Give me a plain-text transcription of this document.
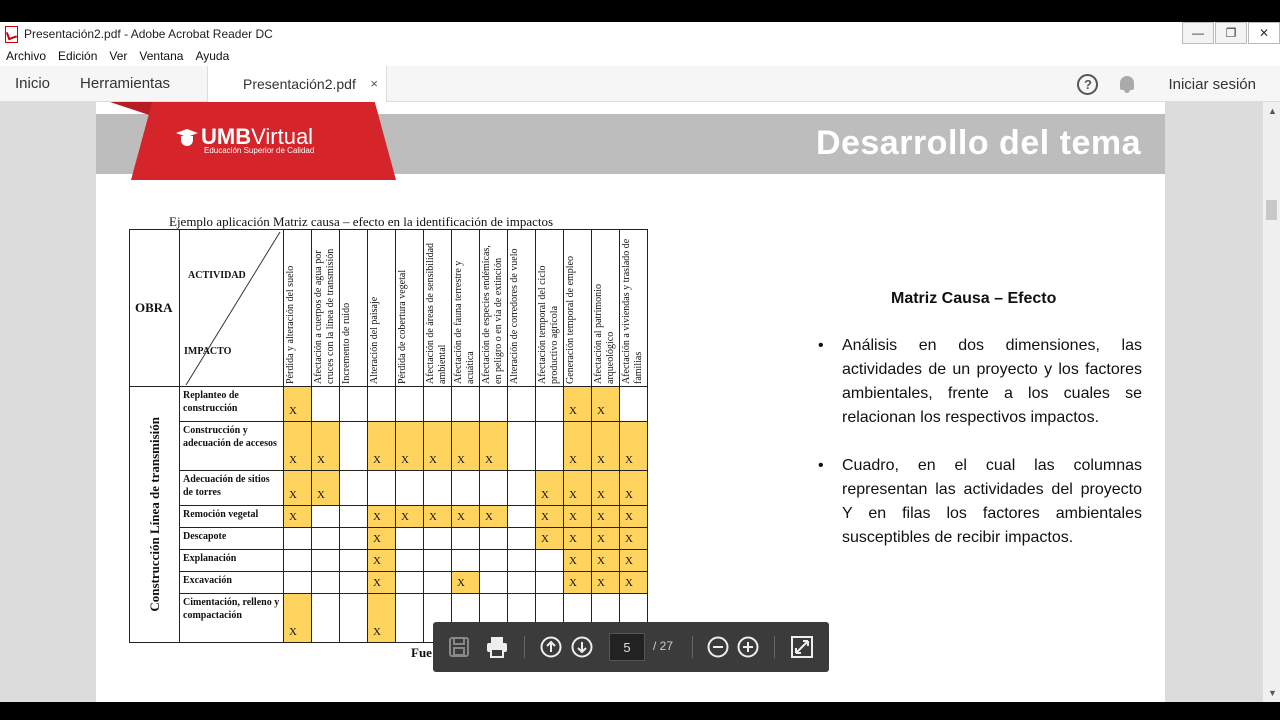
Presentación2.pdf - Adobe Acrobat Reader DC	—	❐	✕
Archivo Edición Ver Ventana Ayuda
Inicio Herramientas	Presentación2.pdf ×	?	Iniciar sesión
Desarrollo del tema
UMBVirtual
Educación Superior de Calidad
Ejemplo aplicación Matriz causa – efecto en la identificación de impactos
OBRA	ACTIVIDAD
IMPACTO	Pérdida y alteración del suelo	Afectación a cuerpos de agua por cruces con la línea de transmisión	Incremento de ruido	Alteración del paisaje	Pérdida de cobertura vegetal	Afectación de áreas de sensibilidad ambiental	Afectación de fauna terrestre y acuática	Afectación de especies endémicas, en peligro o en vía de extinción	Alteración de corredores de vuelo	Afectación temporal del ciclo productivo agrícola	Generación temporal de empleo	Afectación al patrimonio arqueológico	Afectación a viviendas y traslado de familias

Construcción Línea de transmisión	Replanteo de construcción	X										X	X	
	Construcción y adecuación de accesos	X	X		X	X	X	X	X			X	X	X
	Adecuación de sitios de torres	X	X								X	X	X	X
	Remoción vegetal	X			X	X	X	X	X		X	X	X	X
	Descapote				X						X	X	X	X
	Explanación				X							X	X	X
	Excavación				X			X				X	X	X
	Cimentación, relleno y compactación	X			X									
Fue
Matriz Causa – Efecto
• Análisis en dos dimensiones, las actividades de un proyecto y los factores ambientales, frente a los cuales se relacionan los respectivos impactos.
• Cuadro, en el cual las columnas representan las actividades del proyecto Y en filas los factores ambientales susceptibles de recibir impactos.
5	/ 27
▲
▼
